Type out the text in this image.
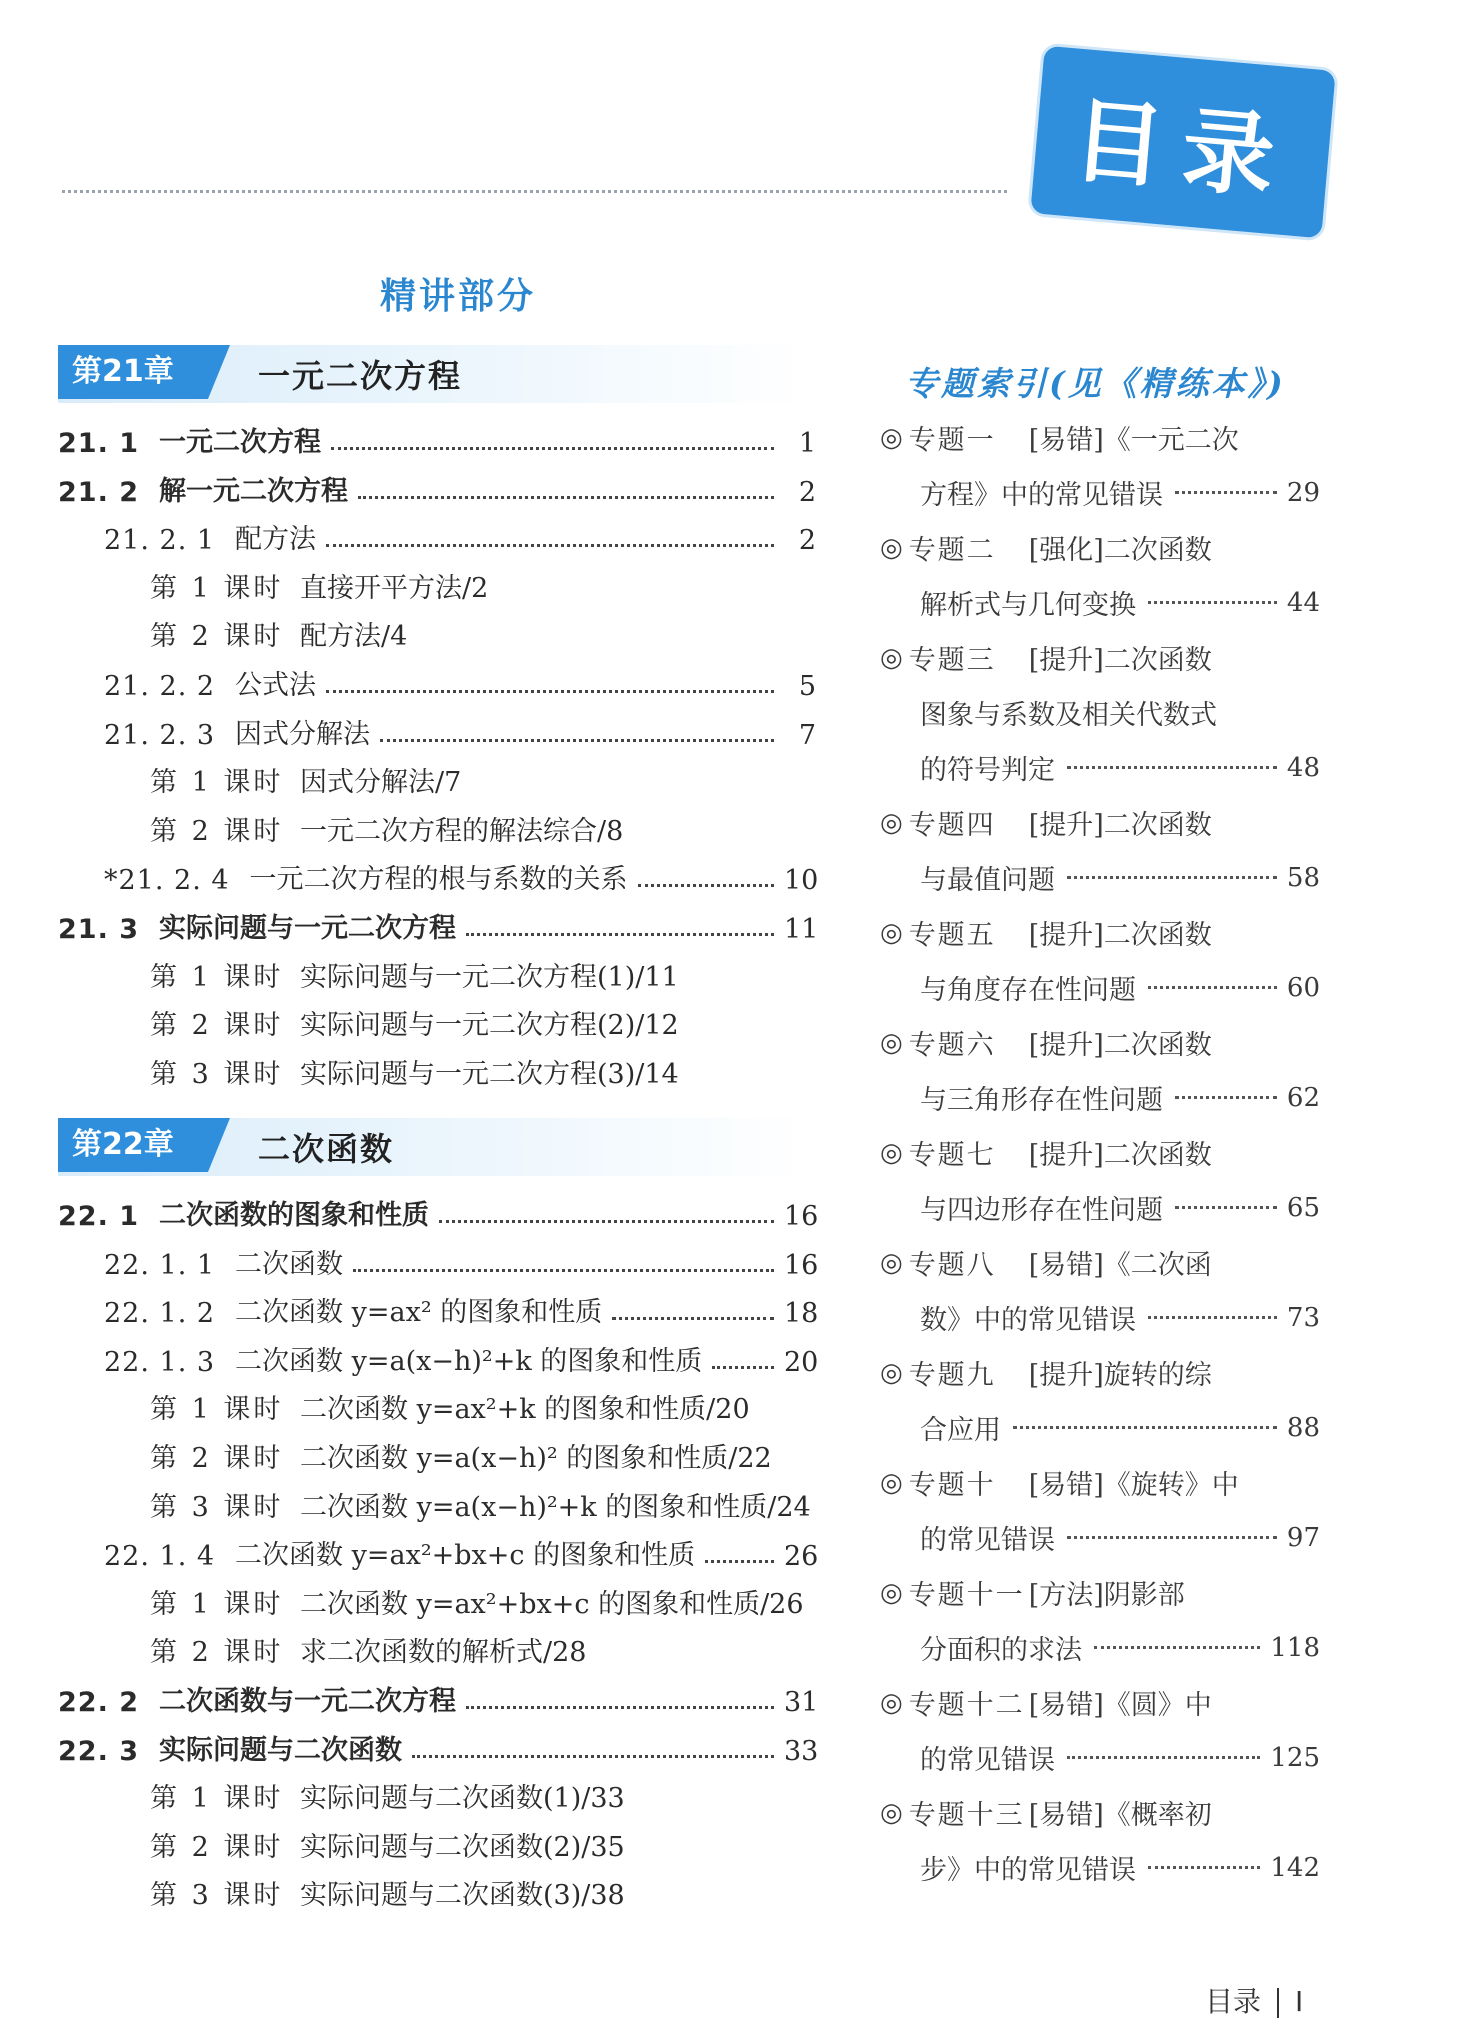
目录
精讲部分
第21章	一元二次方程
21. 1 一元二次方程	1
21. 2 解一元二次方程	2
21. 2. 1 配方法	2
第 1 课时 直接开平方法/2
第 2 课时 配方法/4
21. 2. 2 公式法	5
21. 2. 3 因式分解法	7
第 1 课时 因式分解法/7
第 2 课时 一元二次方程的解法综合/8
*21. 2. 4 一元二次方程的根与系数的关系	10
21. 3 实际问题与一元二次方程	11
第 1 课时 实际问题与一元二次方程(1)/11
第 2 课时 实际问题与一元二次方程(2)/12
第 3 课时 实际问题与一元二次方程(3)/14
第22章	二次函数
22. 1 二次函数的图象和性质	16
22. 1. 1 二次函数	16
22. 1. 2 二次函数 y=ax² 的图象和性质	18
22. 1. 3 二次函数 y=a(x−h)²+k 的图象和性质	20
第 1 课时 二次函数 y=ax²+k 的图象和性质/20
第 2 课时 二次函数 y=a(x−h)² 的图象和性质/22
第 3 课时 二次函数 y=a(x−h)²+k 的图象和性质/24
22. 1. 4 二次函数 y=ax²+bx+c 的图象和性质	26
第 1 课时 二次函数 y=ax²+bx+c 的图象和性质/26
第 2 课时 求二次函数的解析式/28
22. 2 二次函数与一元二次方程	31
22. 3 实际问题与二次函数	33
第 1 课时 实际问题与二次函数(1)/33
第 2 课时 实际问题与二次函数(2)/35
第 3 课时 实际问题与二次函数(3)/38
专题索引(见《精练本》)
◎ 专题一	[易错]《一元二次
方程》中的常见错误	29
◎ 专题二	[强化]二次函数
解析式与几何变换	44
◎ 专题三	[提升]二次函数
图象与系数及相关代数式
的符号判定	48
◎ 专题四	[提升]二次函数
与最值问题	58
◎ 专题五	[提升]二次函数
与角度存在性问题	60
◎ 专题六	[提升]二次函数
与三角形存在性问题	62
◎ 专题七	[提升]二次函数
与四边形存在性问题	65
◎ 专题八	[易错]《二次函
数》中的常见错误	73
◎ 专题九	[提升]旋转的综
合应用	88
◎ 专题十	[易错]《旋转》中
的常见错误	97
◎ 专题十一 [方法]阴影部
分面积的求法	118
◎ 专题十二 [易错]《圆》中
的常见错误	125
◎ 专题十三 [易错]《概率初
步》中的常见错误	142
目录 I
